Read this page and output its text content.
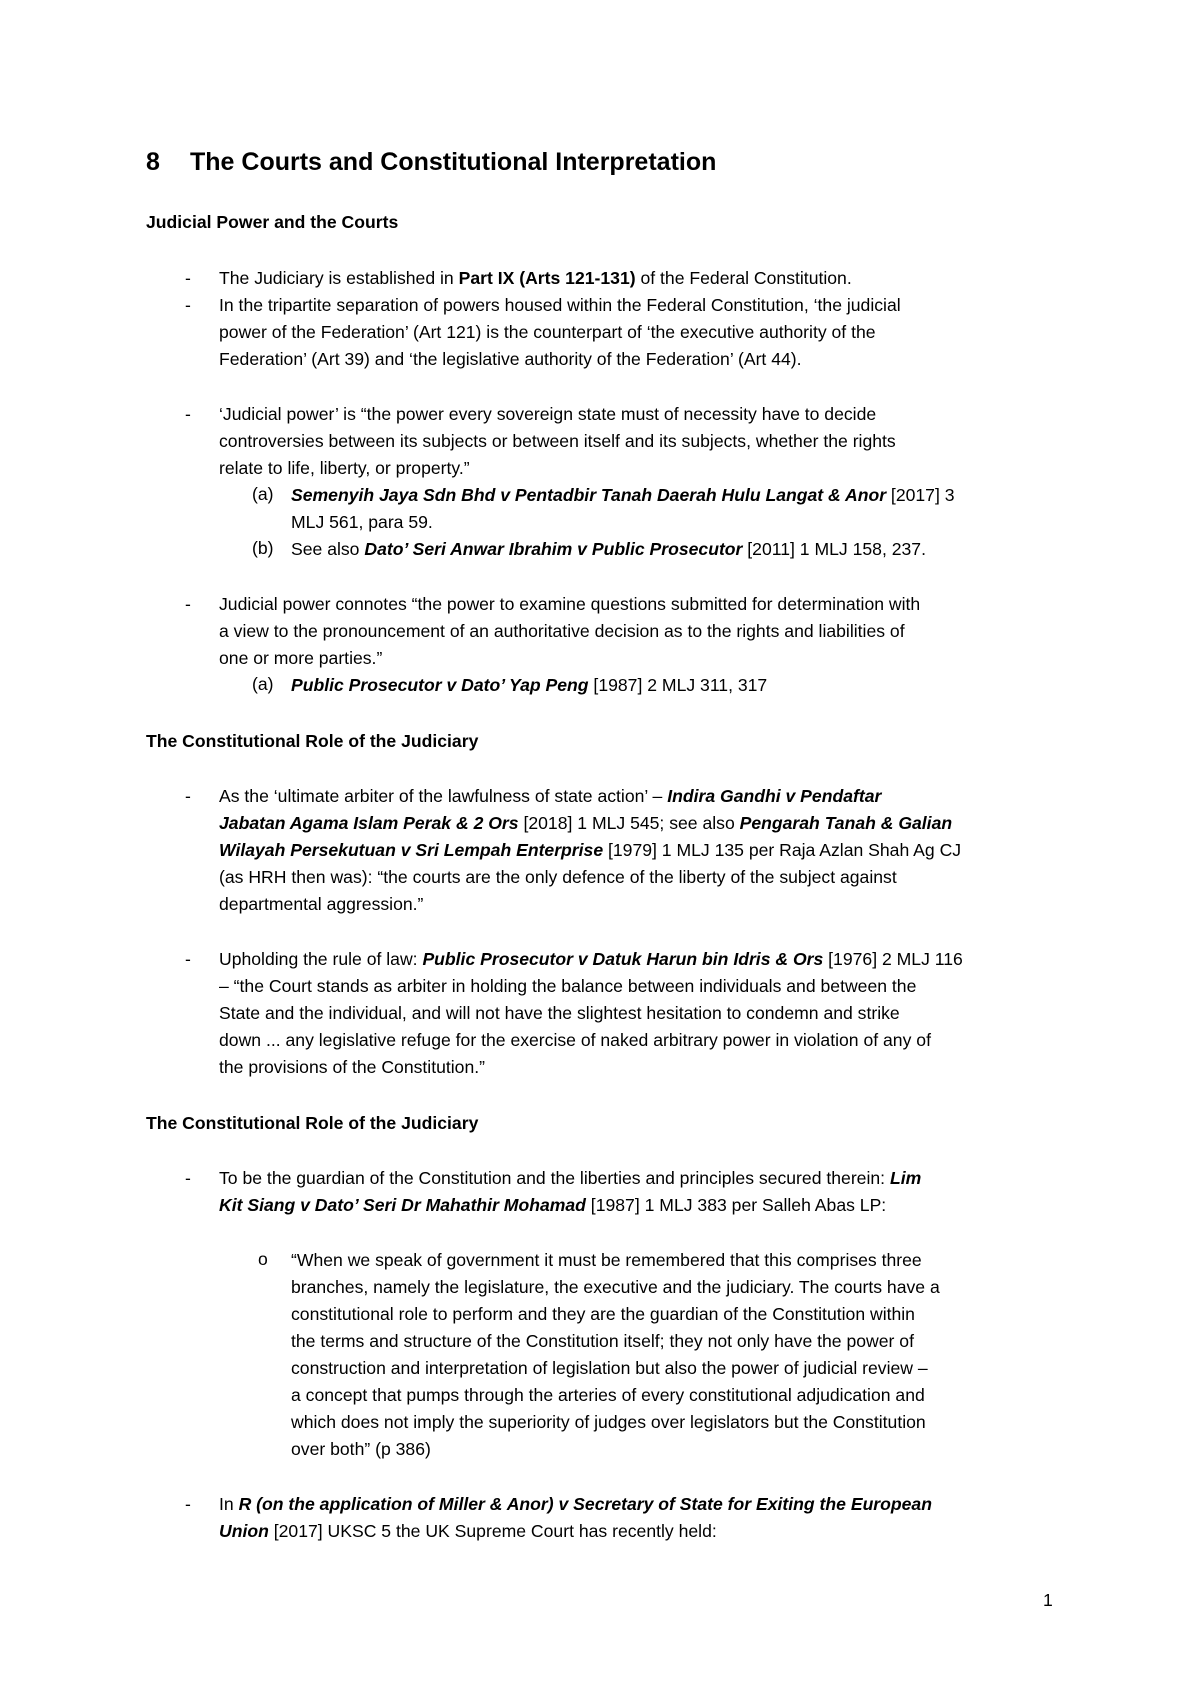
8 The Courts and Constitutional Interpretation
Judicial Power and the Courts
- The Judiciary is established in Part IX (Arts 121-131) of the Federal Constitution.
- In the tripartite separation of powers housed within the Federal Constitution, ‘the judicial
power of the Federation’ (Art 121) is the counterpart of ‘the executive authority of the
Federation’ (Art 39) and ‘the legislative authority of the Federation’ (Art 44).
- ‘Judicial power’ is “the power every sovereign state must of necessity have to decide
controversies between its subjects or between itself and its subjects, whether the rights
relate to life, liberty, or property.”
(a) Semenyih Jaya Sdn Bhd v Pentadbir Tanah Daerah Hulu Langat & Anor [2017] 3
MLJ 561, para 59.
(b) See also Dato’ Seri Anwar Ibrahim v Public Prosecutor [2011] 1 MLJ 158, 237.
- Judicial power connotes “the power to examine questions submitted for determination with
a view to the pronouncement of an authoritative decision as to the rights and liabilities of
one or more parties.”
(a) Public Prosecutor v Dato’ Yap Peng [1987] 2 MLJ 311, 317
The Constitutional Role of the Judiciary
- As the ‘ultimate arbiter of the lawfulness of state action’ – Indira Gandhi v Pendaftar
Jabatan Agama Islam Perak & 2 Ors [2018] 1 MLJ 545; see also Pengarah Tanah & Galian
Wilayah Persekutuan v Sri Lempah Enterprise [1979] 1 MLJ 135 per Raja Azlan Shah Ag CJ
(as HRH then was): “the courts are the only defence of the liberty of the subject against
departmental aggression.”
- Upholding the rule of law: Public Prosecutor v Datuk Harun bin Idris & Ors [1976] 2 MLJ 116
– “the Court stands as arbiter in holding the balance between individuals and between the
State and the individual, and will not have the slightest hesitation to condemn and strike
down ... any legislative refuge for the exercise of naked arbitrary power in violation of any of
the provisions of the Constitution.”
The Constitutional Role of the Judiciary
- To be the guardian of the Constitution and the liberties and principles secured therein: Lim
Kit Siang v Dato’ Seri Dr Mahathir Mohamad [1987] 1 MLJ 383 per Salleh Abas LP:
o “When we speak of government it must be remembered that this comprises three
branches, namely the legislature, the executive and the judiciary. The courts have a
constitutional role to perform and they are the guardian of the Constitution within
the terms and structure of the Constitution itself; they not only have the power of
construction and interpretation of legislation but also the power of judicial review –
a concept that pumps through the arteries of every constitutional adjudication and
which does not imply the superiority of judges over legislators but the Constitution
over both” (p 386)
- In R (on the application of Miller & Anor) v Secretary of State for Exiting the European
Union [2017] UKSC 5 the UK Supreme Court has recently held:
1
